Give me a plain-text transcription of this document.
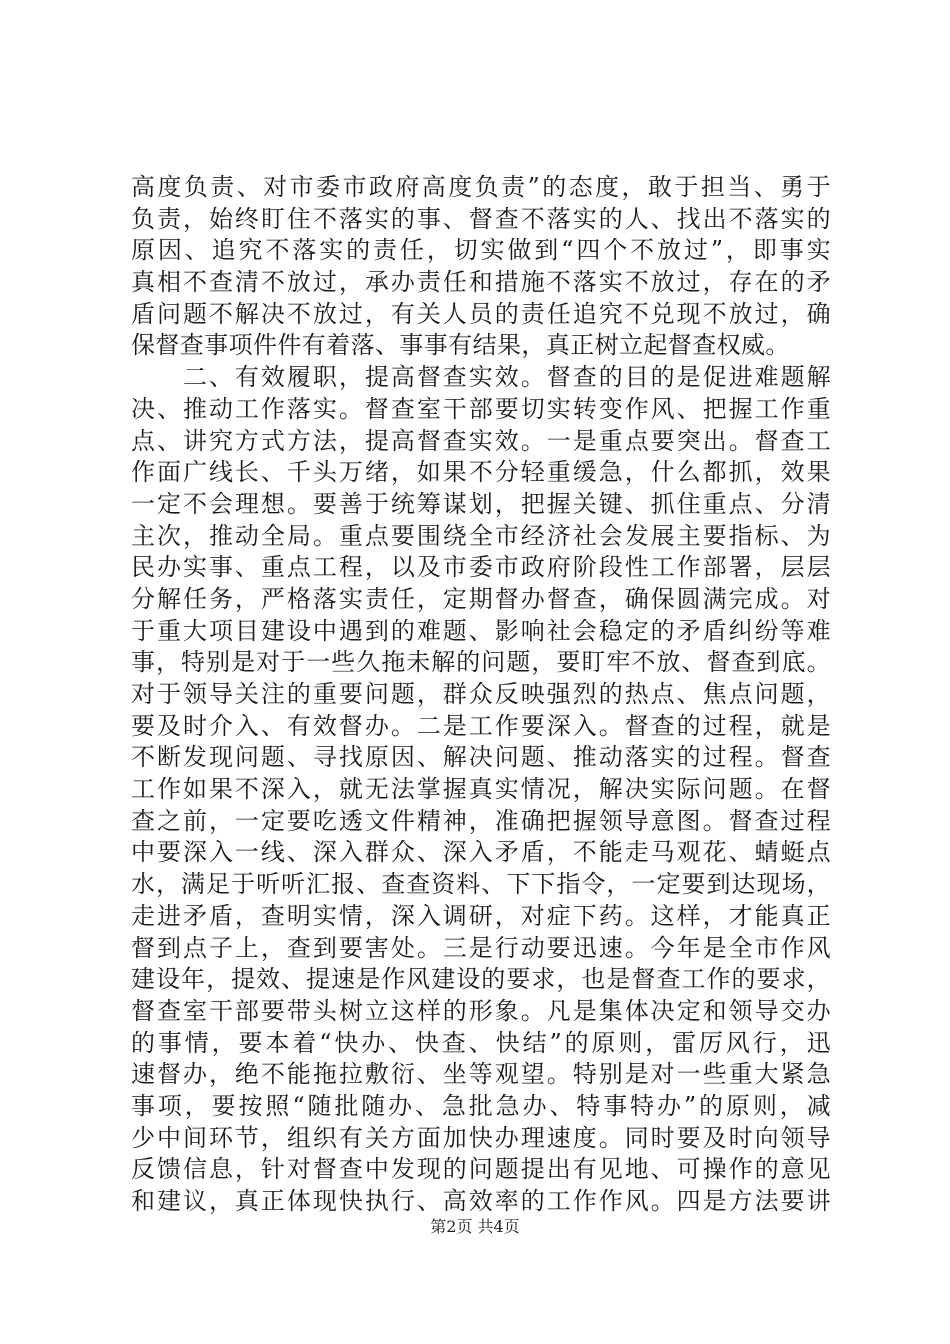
高度负责、对市委市政府高度负责”的态度，敢于担当、勇于
负责，始终盯住不落实的事、督查不落实的人、找出不落实的
原因、追究不落实的责任，切实做到“四个不放过”，即事实
真相不查清不放过，承办责任和措施不落实不放过，存在的矛
盾问题不解决不放过，有关人员的责任追究不兑现不放过，确
保督查事项件件有着落、事事有结果，真正树立起督查权威。
　　二、有效履职，提高督查实效。督查的目的是促进难题解
决、推动工作落实。督查室干部要切实转变作风、把握工作重
点、讲究方式方法，提高督查实效。一是重点要突出。督查工
作面广线长、千头万绪，如果不分轻重缓急，什么都抓，效果
一定不会理想。要善于统筹谋划，把握关键、抓住重点、分清
主次，推动全局。重点要围绕全市经济社会发展主要指标、为
民办实事、重点工程，以及市委市政府阶段性工作部署，层层
分解任务，严格落实责任，定期督办督查，确保圆满完成。对
于重大项目建设中遇到的难题、影响社会稳定的矛盾纠纷等难
事，特别是对于一些久拖未解的问题，要盯牢不放、督查到底。
对于领导关注的重要问题，群众反映强烈的热点、焦点问题，
要及时介入、有效督办。二是工作要深入。督查的过程，就是
不断发现问题、寻找原因、解决问题、推动落实的过程。督查
工作如果不深入，就无法掌握真实情况，解决实际问题。在督
查之前，一定要吃透文件精神，准确把握领导意图。督查过程
中要深入一线、深入群众、深入矛盾，不能走马观花、蜻蜓点
水，满足于听听汇报、查查资料、下下指令，一定要到达现场，
走进矛盾，查明实情，深入调研，对症下药。这样，才能真正
督到点子上，查到要害处。三是行动要迅速。今年是全市作风
建设年，提效、提速是作风建设的要求，也是督查工作的要求，
督查室干部要带头树立这样的形象。凡是集体决定和领导交办
的事情，要本着“快办、快查、快结”的原则，雷厉风行，迅
速督办，绝不能拖拉敷衍、坐等观望。特别是对一些重大紧急
事项，要按照“随批随办、急批急办、特事特办”的原则，减
少中间环节，组织有关方面加快办理速度。同时要及时向领导
反馈信息，针对督查中发现的问题提出有见地、可操作的意见
和建议，真正体现快执行、高效率的工作作风。四是方法要讲
第2页 共4页
